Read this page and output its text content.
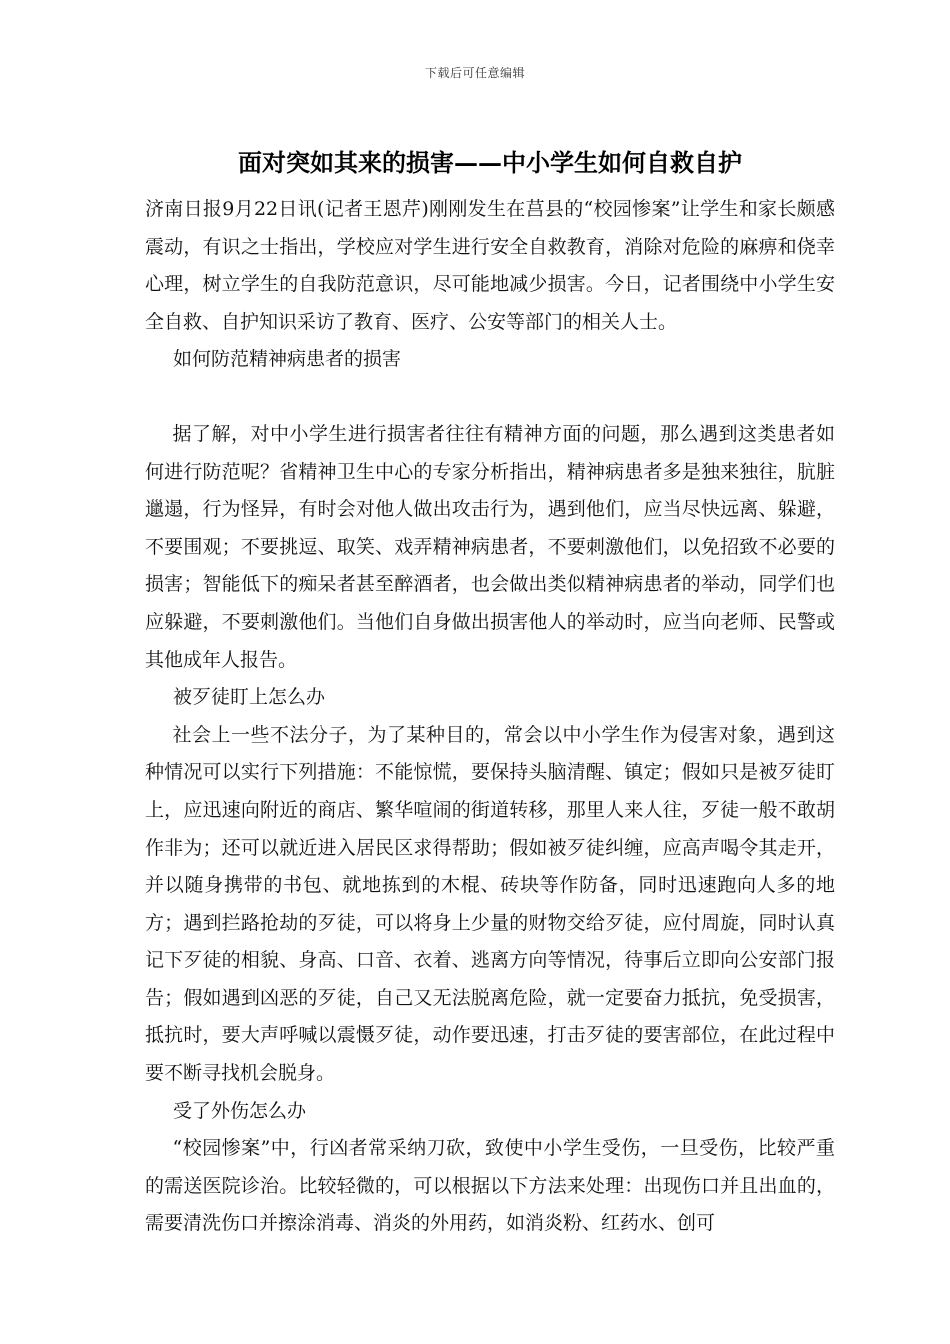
下载后可任意编辑
面对突如其来的损害——中小学生如何自救自护

济南日报9月22日讯(记者王恩芹)刚刚发生在莒县的“校园惨案”让学生和家长颇感震动，有识之士指出，学校应对学生进行安全自救教育，消除对危险的麻痹和侥幸心理，树立学生的自我防范意识，尽可能地减少损害。今日，记者围绕中小学生安全自救、自护知识采访了教育、医疗、公安等部门的相关人士。

如何防范精神病患者的损害

据了解，对中小学生进行损害者往往有精神方面的问题，那么遇到这类患者如何进行防范呢？省精神卫生中心的专家分析指出，精神病患者多是独来独往，肮脏邋遢，行为怪异，有时会对他人做出攻击行为，遇到他们，应当尽快远离、躲避，不要围观；不要挑逗、取笑、戏弄精神病患者，不要刺激他们，以免招致不必要的损害；智能低下的痴呆者甚至醉酒者，也会做出类似精神病患者的举动，同学们也应躲避，不要刺激他们。当他们自身做出损害他人的举动时，应当向老师、民警或其他成年人报告。

被歹徒盯上怎么办

社会上一些不法分子，为了某种目的，常会以中小学生作为侵害对象，遇到这种情况可以实行下列措施：不能惊慌，要保持头脑清醒、镇定；假如只是被歹徒盯上，应迅速向附近的商店、繁华喧闹的街道转移，那里人来人往，歹徒一般不敢胡作非为；还可以就近进入居民区求得帮助；假如被歹徒纠缠，应高声喝令其走开，并以随身携带的书包、就地拣到的木棍、砖块等作防备，同时迅速跑向人多的地方；遇到拦路抢劫的歹徒，可以将身上少量的财物交给歹徒，应付周旋，同时认真记下歹徒的相貌、身高、口音、衣着、逃离方向等情况，待事后立即向公安部门报告；假如遇到凶恶的歹徒，自己又无法脱离危险，就一定要奋力抵抗，免受损害，抵抗时，要大声呼喊以震慑歹徒，动作要迅速，打击歹徒的要害部位，在此过程中要不断寻找机会脱身。

受了外伤怎么办

“校园惨案”中，行凶者常采纳刀砍，致使中小学生受伤，一旦受伤，比较严重的需送医院诊治。比较轻微的，可以根据以下方法来处理：出现伤口并且出血的，需要清洗伤口并擦涂消毒、消炎的外用药，如消炎粉、红药水、创可
